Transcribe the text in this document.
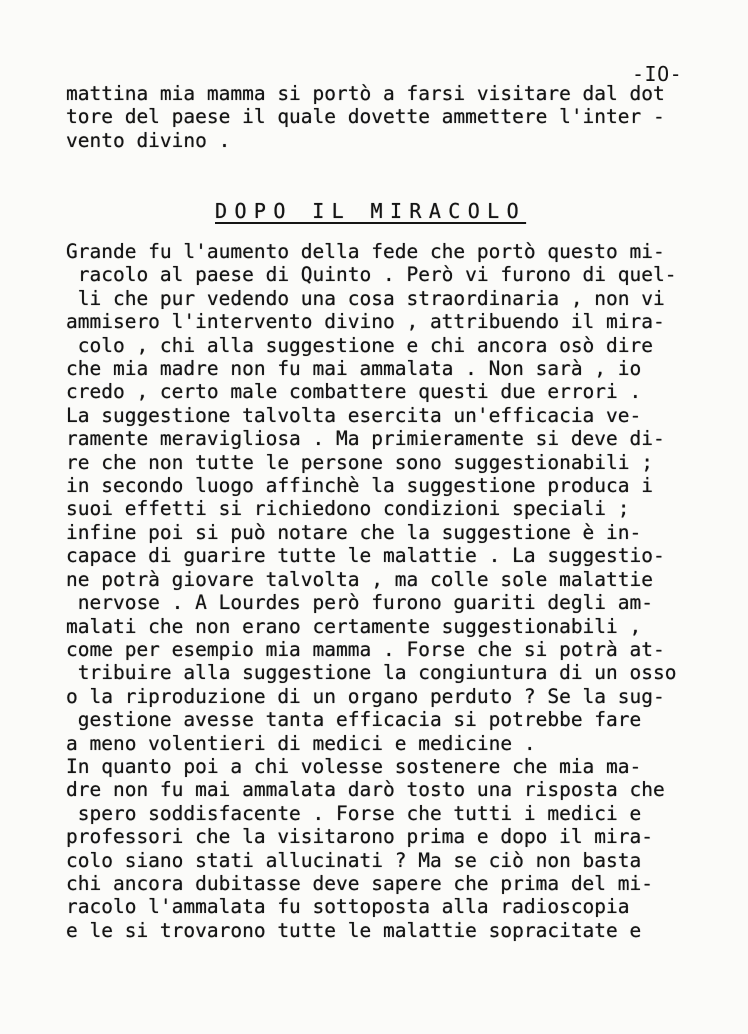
-IO-
mattina mia mamma si portò a farsi visitare dal dot
tore del paese il quale dovette ammettere l'inter -
vento divino .
DOPO IL MIRACOLO
Grande fu l'aumento della fede che portò questo mi-
racolo al paese di Quinto . Però vi furono di quel-
li che pur vedendo una cosa straordinaria , non vi
ammisero l'intervento divino , attribuendo il mira-
colo , chi alla suggestione e chi ancora osò dire
che mia madre non fu mai ammalata . Non sarà , io
credo , certo male combattere questi due errori .
La suggestione talvolta esercita un'efficacia ve-
ramente meravigliosa . Ma primieramente si deve di-
re che non tutte le persone sono suggestionabili ;
in secondo luogo affinchè la suggestione produca i
suoi effetti si richiedono condizioni speciali ;
infine poi si può notare che la suggestione è in-
capace di guarire tutte le malattie . La suggestio-
ne potrà giovare talvolta , ma colle sole malattie
nervose . A Lourdes però furono guariti degli am-
malati che non erano certamente suggestionabili ,
come per esempio mia mamma . Forse che si potrà at-
tribuire alla suggestione la congiuntura di un osso
o la riproduzione di un organo perduto ? Se la sug-
gestione avesse tanta efficacia si potrebbe fare
a meno volentieri di medici e medicine .
In quanto poi a chi volesse sostenere che mia ma-
dre non fu mai ammalata darò tosto una risposta che
spero soddisfacente . Forse che tutti i medici e
professori che la visitarono prima e dopo il mira-
colo siano stati allucinati ? Ma se ciò non basta
chi ancora dubitasse deve sapere che prima del mi-
racolo l'ammalata fu sottoposta alla radioscopia
e le si trovarono tutte le malattie sopracitate e
